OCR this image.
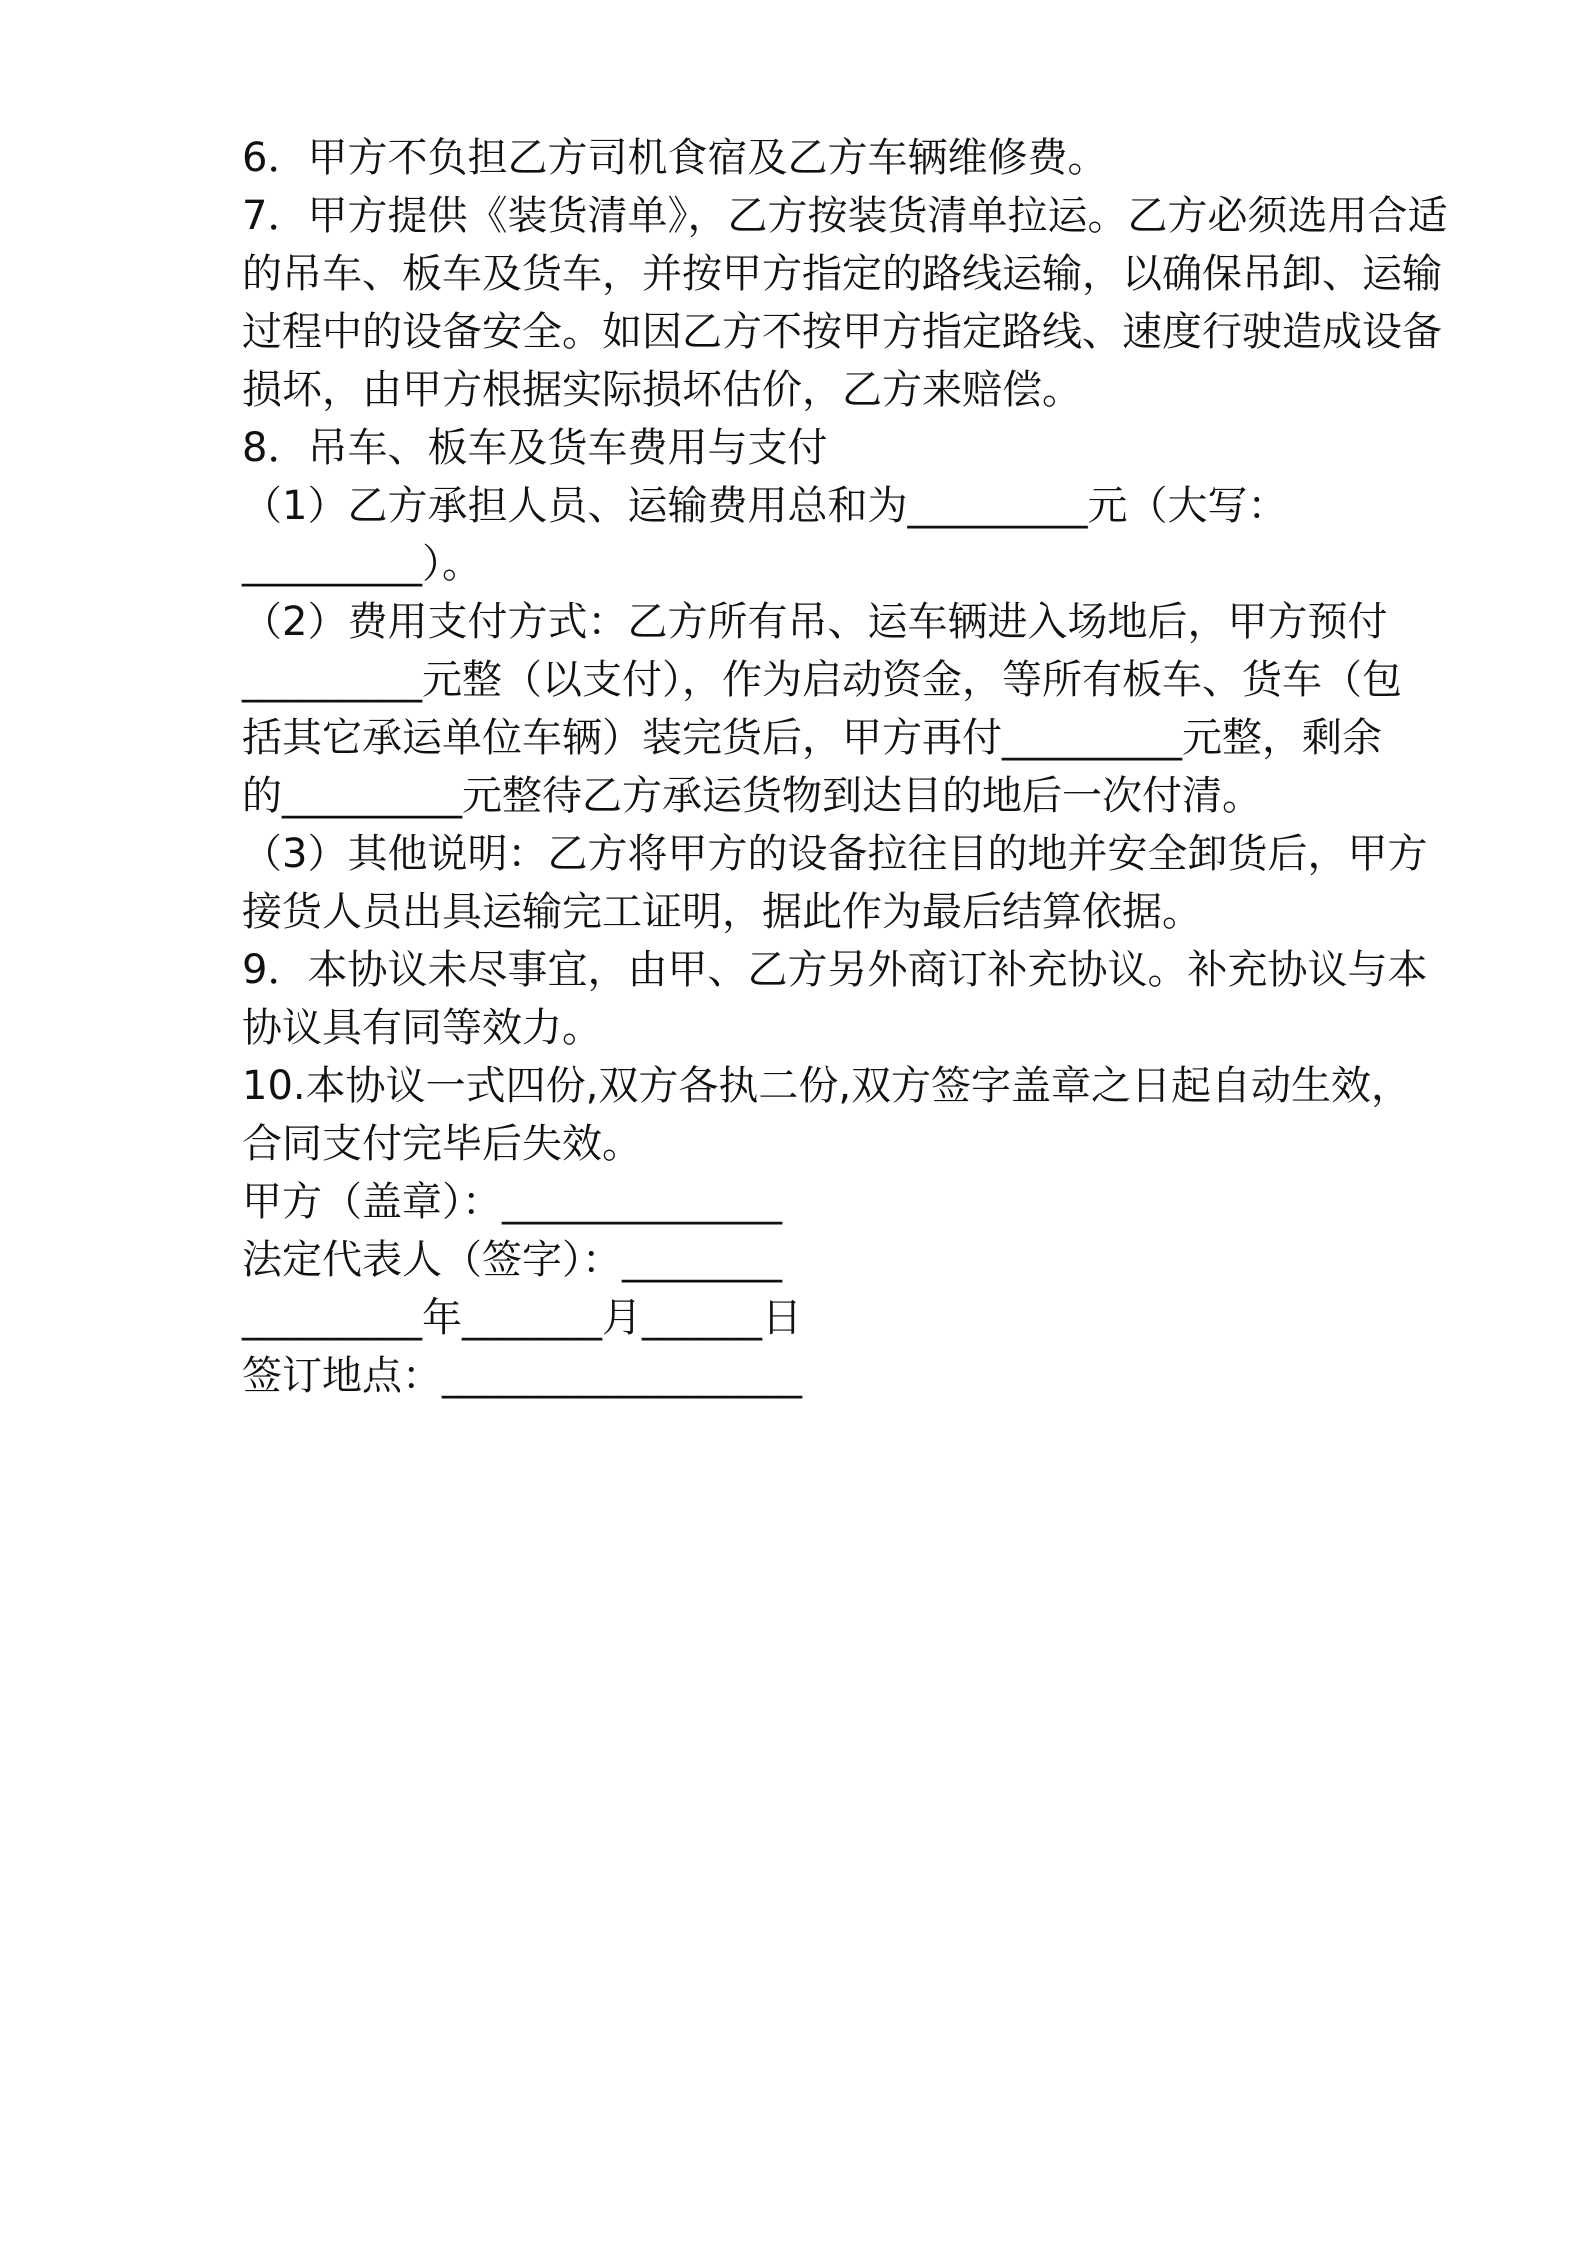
6．甲方不负担乙方司机食宿及乙方车辆维修费。

7．甲方提供《装货清单》，乙方按装货清单拉运。乙方必须选用合适

的吊车、板车及货车，并按甲方指定的路线运输，以确保吊卸、运输

过程中的设备安全。如因乙方不按甲方指定路线、速度行驶造成设备

损坏，由甲方根据实际损坏估价，乙方来赔偿。

8．吊车、板车及货车费用与支付

（1）乙方承担人员、运输费用总和为_________元（大写：

_________）。

（2）费用支付方式：乙方所有吊、运车辆进入场地后，甲方预付

_________元整（以支付），作为启动资金，等所有板车、货车（包

括其它承运单位车辆）装完货后，甲方再付_________元整，剩余

的_________元整待乙方承运货物到达目的地后一次付清。

（3）其他说明：乙方将甲方的设备拉往目的地并安全卸货后，甲方

接货人员出具运输完工证明，据此作为最后结算依据。

9．本协议未尽事宜，由甲、乙方另外商订补充协议。补充协议与本

协议具有同等效力。

10.本协议一式四份,双方各执二份,双方签字盖章之日起自动生效，

合同支付完毕后失效。

甲方（盖章）：______________

法定代表人（签字）：________

_________年_______月______日

签订地点：__________________
